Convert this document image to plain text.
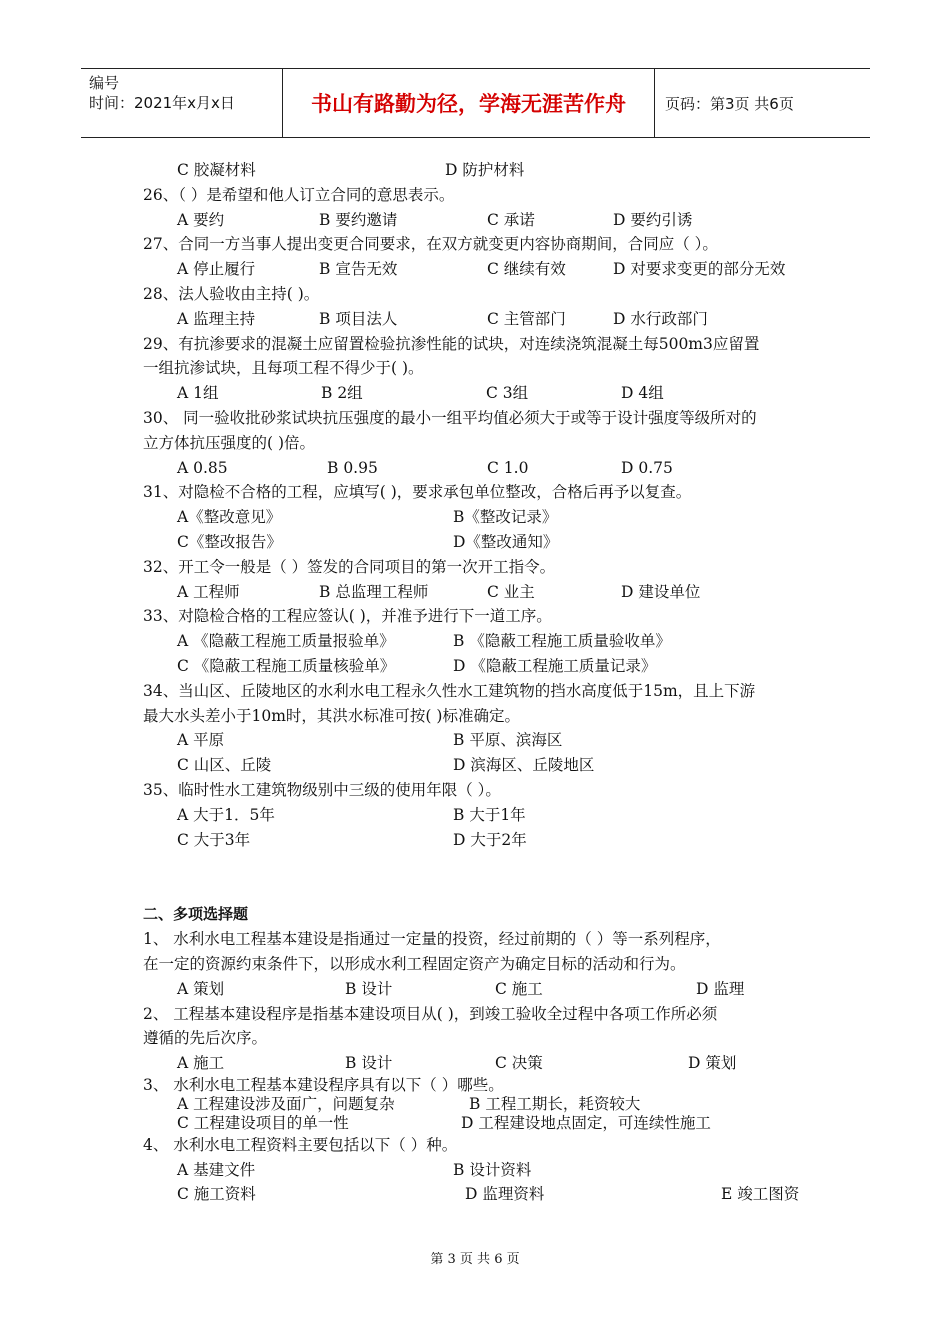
编号
时间：2021年x月x日	书山有路勤为径，学海无涯苦作舟	页码：第3页 共6页
C 胶凝材料	D 防护材料
26、（ ）是希望和他人订立合同的意思表示。
A 要约	B 要约邀请	C 承诺	D 要约引诱
27、合同一方当事人提出变更合同要求，在双方就变更内容协商期间，合同应（ ）。
A 停止履行	B 宣告无效	C 继续有效	D 对要求变更的部分无效
28、法人验收由主持( )。
A 监理主持	B 项目法人	C 主管部门	D 水行政部门
29、有抗渗要求的混凝土应留置检验抗渗性能的试块，对连续浇筑混凝土每500m3应留置
一组抗渗试块，且每项工程不得少于( )。
A 1组	B 2组	C 3组	D 4组
30、 同一验收批砂浆试块抗压强度的最小一组平均值必须大于或等于设计强度等级所对的
立方体抗压强度的( )倍。
A 0.85	B 0.95	C 1.0	D 0.75
31、对隐检不合格的工程，应填写( )，要求承包单位整改，合格后再予以复查。
A《整改意见》	B《整改记录》
C《整改报告》	D《整改通知》
32、开工令一般是（ ）签发的合同项目的第一次开工指令。
A 工程师	B 总监理工程师	C 业主	D 建设单位
33、对隐检合格的工程应签认( )，并准予进行下一道工序。
A 《隐蔽工程施工质量报验单》	B 《隐蔽工程施工质量验收单》
C 《隐蔽工程施工质量核验单》	D 《隐蔽工程施工质量记录》
34、当山区、丘陵地区的水利水电工程永久性水工建筑物的挡水高度低于15m，且上下游
最大水头差小于10m时，其洪水标准可按( )标准确定。
A 平原	B 平原、滨海区
C 山区、丘陵	D 滨海区、丘陵地区
35、临时性水工建筑物级别中三级的使用年限（ ）。
A 大于1．5年	B 大于1年
C 大于3年	D 大于2年
二、多项选择题
1、 水利水电工程基本建设是指通过一定量的投资，经过前期的（ ）等一系列程序，
在一定的资源约束条件下，以形成水利工程固定资产为确定目标的活动和行为。
A 策划	B 设计	C 施工	D 监理
2、 工程基本建设程序是指基本建设项目从( )，到竣工验收全过程中各项工作所必须
遵循的先后次序。
A 施工	B 设计	C 决策	D 策划
3、 水利水电工程基本建设程序具有以下（ ）哪些。
A 工程建设涉及面广，问题复杂	B 工程工期长，耗资较大
C 工程建设项目的单一性	D 工程建设地点固定，可连续性施工
4、 水利水电工程资料主要包括以下（ ）种。
A 基建文件	B 设计资料
C 施工资料	D 监理资料	E 竣工图资
第 3 页 共 6 页
